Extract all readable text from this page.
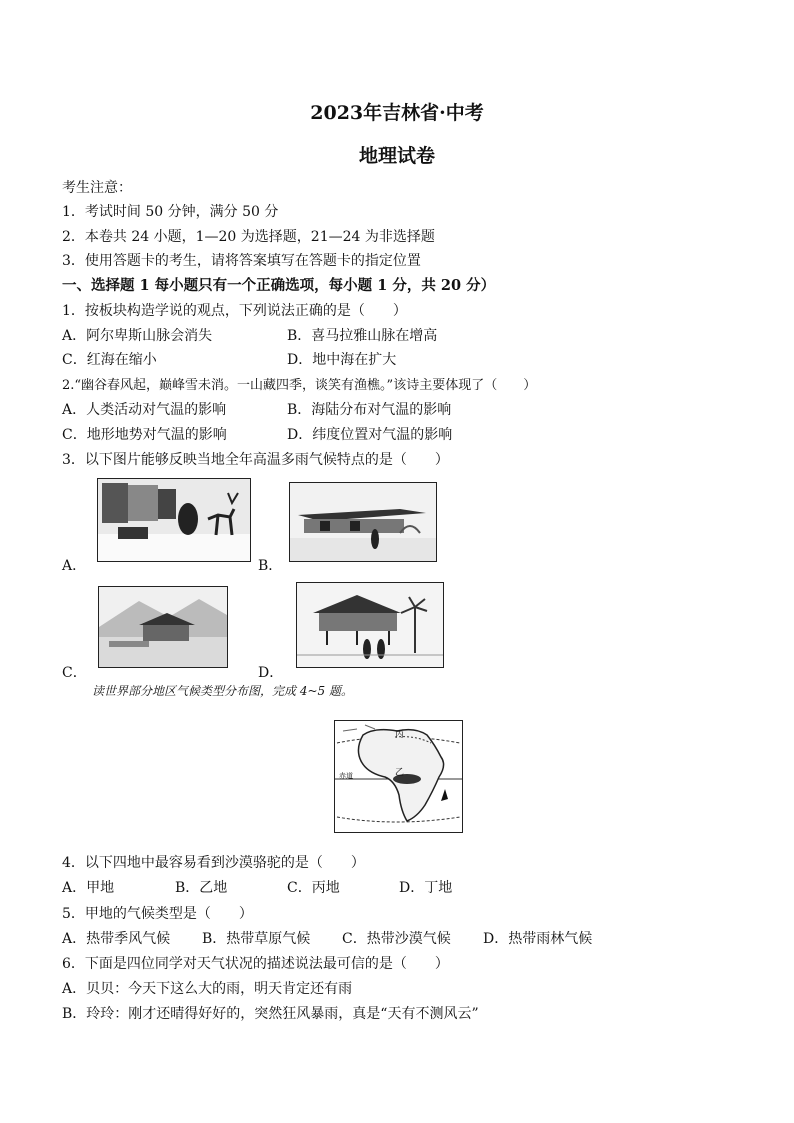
2023年吉林省·中考
地理试卷
考生注意：
1．考试时间 50 分钟，满分 50 分
2．本卷共 24 小题，1—20 为选择题，21—24 为非选择题
3．使用答题卡的考生，请将答案填写在答题卡的指定位置
一、选择题 1 每小题只有一个正确选项，每小题 1 分，共 20 分）
1．按板块构造学说的观点，下列说法正确的是（　　）
A．阿尔卑斯山脉会消失	B．喜马拉雅山脉在增高
C．红海在缩小	D．地中海在扩大
2.“幽谷春风起，巅峰雪未消。一山藏四季，谈笑有渔樵。”该诗主要体现了（　　）
A．人类活动对气温的影响	B．海陆分布对气温的影响
C．地形地势对气温的影响	D．纬度位置对气温的影响
3．以下图片能够反映当地全年高温多雨气候特点的是（　　）
A．	B．
C．	D．
读世界部分地区气候类型分布图，完成 4~5 题。
丙
乙
赤道
4．以下四地中最容易看到沙漠骆驼的是（　　）
A．甲地	B．乙地	C．丙地	D．丁地
5．甲地的气候类型是（　　）
A．热带季风气候 B．热带草原气候 C．热带沙漠气候 D．热带雨林气候
6．下面是四位同学对天气状况的描述说法最可信的是（　　）
A．贝贝：今天下这么大的雨，明天肯定还有雨
B．玲玲：刚才还晴得好好的，突然狂风暴雨，真是“天有不测风云”
